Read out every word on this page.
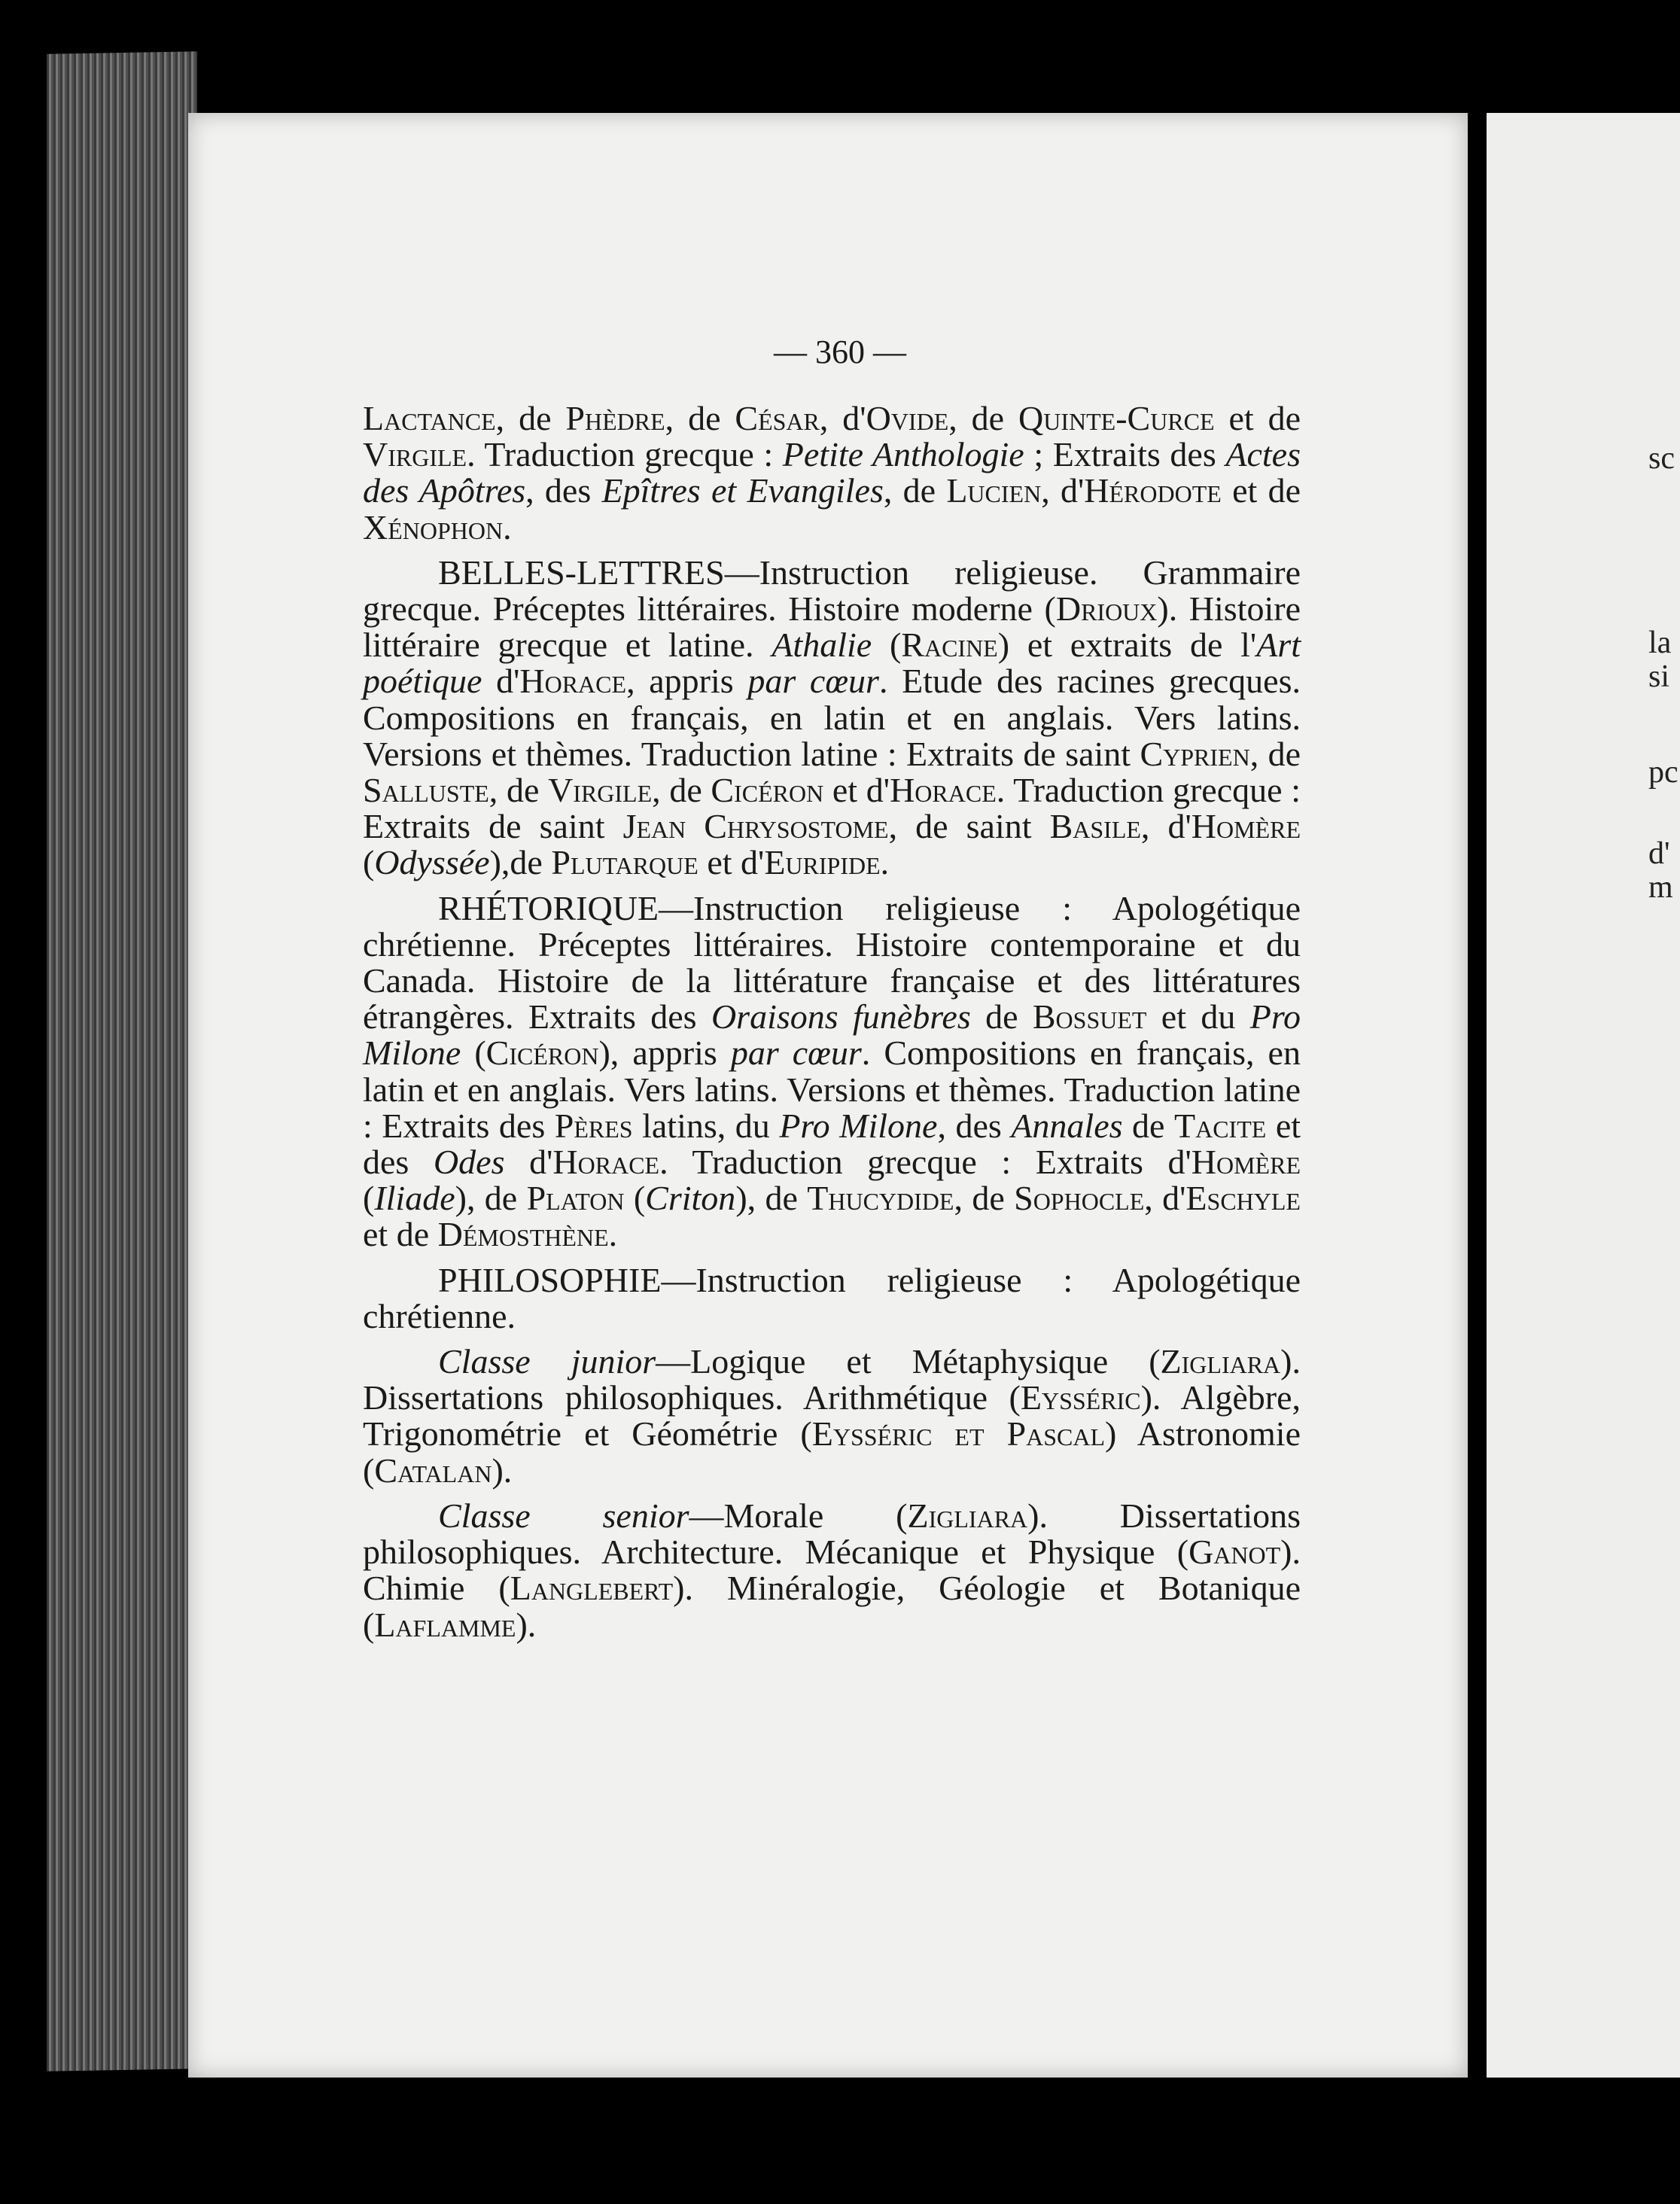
sc
la
si
pc
d'
m
— 360 —

Lactance, de Phèdre, de César, d'Ovide, de Quinte-Curce et de Virgile. Traduction grecque : Petite Anthologie ; Extraits des Actes des Apôtres, des Epîtres et Evangiles, de Lucien, d'Hérodote et de Xénophon.

BELLES-LETTRES—Instruction religieuse. Grammaire grecque. Préceptes littéraires. Histoire moderne (Drioux). Histoire littéraire grecque et latine. Athalie (Racine) et extraits de l'Art poétique d'Horace, appris par cœur. Etude des racines grecques. Compositions en français, en latin et en anglais. Vers latins. Versions et thèmes. Traduction latine : Extraits de saint Cyprien, de Salluste, de Virgile, de Cicéron et d'Horace. Traduction grecque : Extraits de saint Jean Chrysostome, de saint Basile, d'Homère (Odyssée),de Plutarque et d'Euripide.

RHÉTORIQUE—Instruction religieuse : Apologétique chrétienne. Préceptes littéraires. Histoire contemporaine et du Canada. Histoire de la littérature française et des littératures étrangères. Extraits des Oraisons funèbres de Bossuet et du Pro Milone (Cicéron), appris par cœur. Compositions en français, en latin et en anglais. Vers latins. Versions et thèmes. Traduction latine : Extraits des Pères latins, du Pro Milone, des Annales de Tacite et des Odes d'Horace. Traduction grecque : Extraits d'Homère (Iliade), de Platon (Criton), de Thucydide, de Sophocle, d'Eschyle et de Démosthène.

PHILOSOPHIE—Instruction religieuse : Apologétique chrétienne.

Classe junior—Logique et Métaphysique (Zigliara). Dissertations philosophiques. Arithmétique (Eysséric). Algèbre, Trigonométrie et Géométrie (Eysséric et Pascal) Astronomie (Catalan).

Classe senior—Morale (Zigliara). Dissertations philosophiques. Architecture. Mécanique et Physique (Ganot). Chimie (Langlebert). Minéralogie, Géologie et Botanique (Laflamme).
